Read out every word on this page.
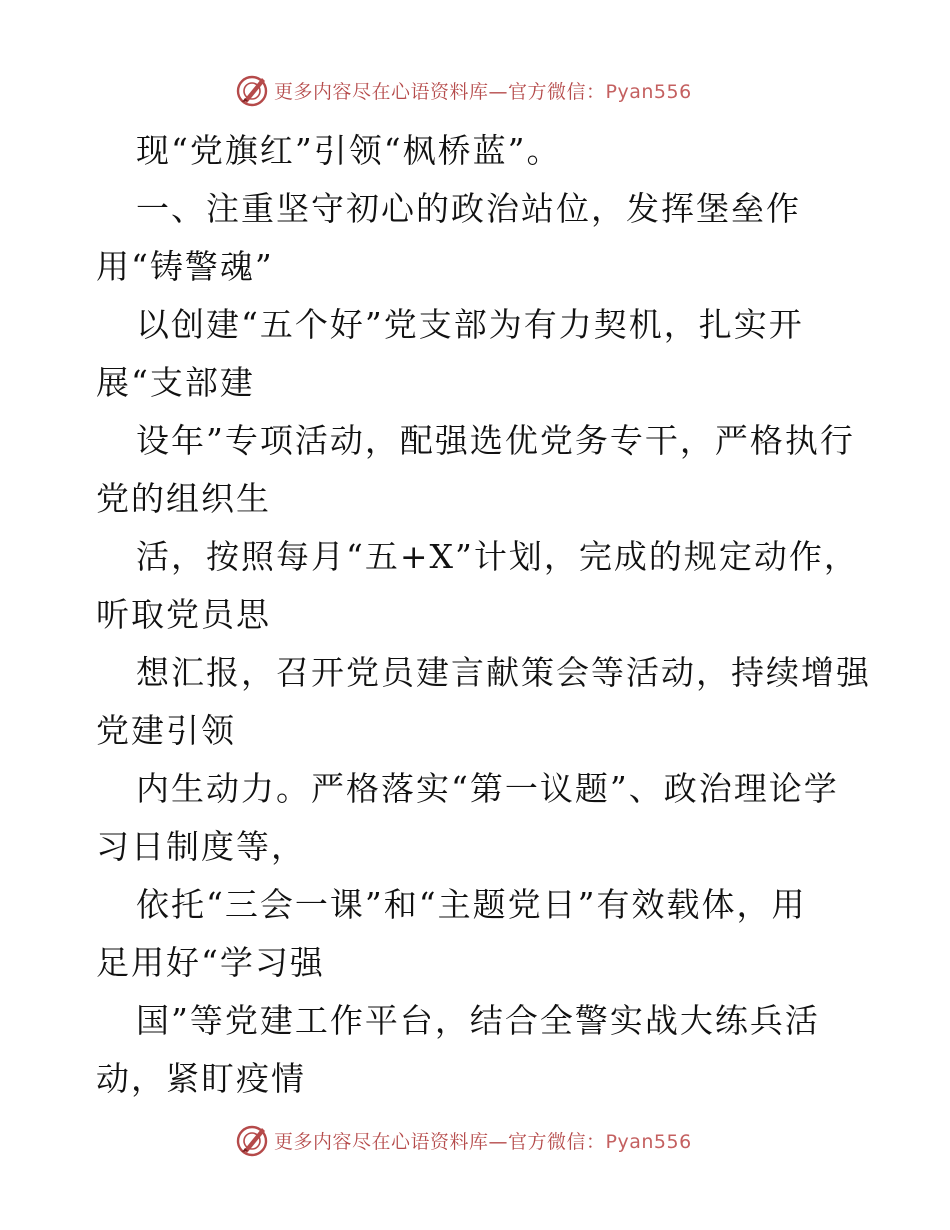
更多内容尽在心语资料库—官方微信：Pyan556
现“党旗红”引领“枫桥蓝”。
一、注重坚守初心的政治站位，发挥堡垒作
用“铸警魂”
以创建“五个好”党支部为有力契机，扎实开
展“支部建
设年”专项活动，配强选优党务专干，严格执行
党的组织生
活，按照每月“五+X”计划，完成的规定动作，
听取党员思
想汇报，召开党员建言献策会等活动，持续增强
党建引领
内生动力。严格落实“第一议题”、政治理论学
习日制度等，
依托“三会一课”和“主题党日”有效载体，用
足用好“学习强
国”等党建工作平台，结合全警实战大练兵活
动，紧盯疫情
更多内容尽在心语资料库—官方微信：Pyan556
